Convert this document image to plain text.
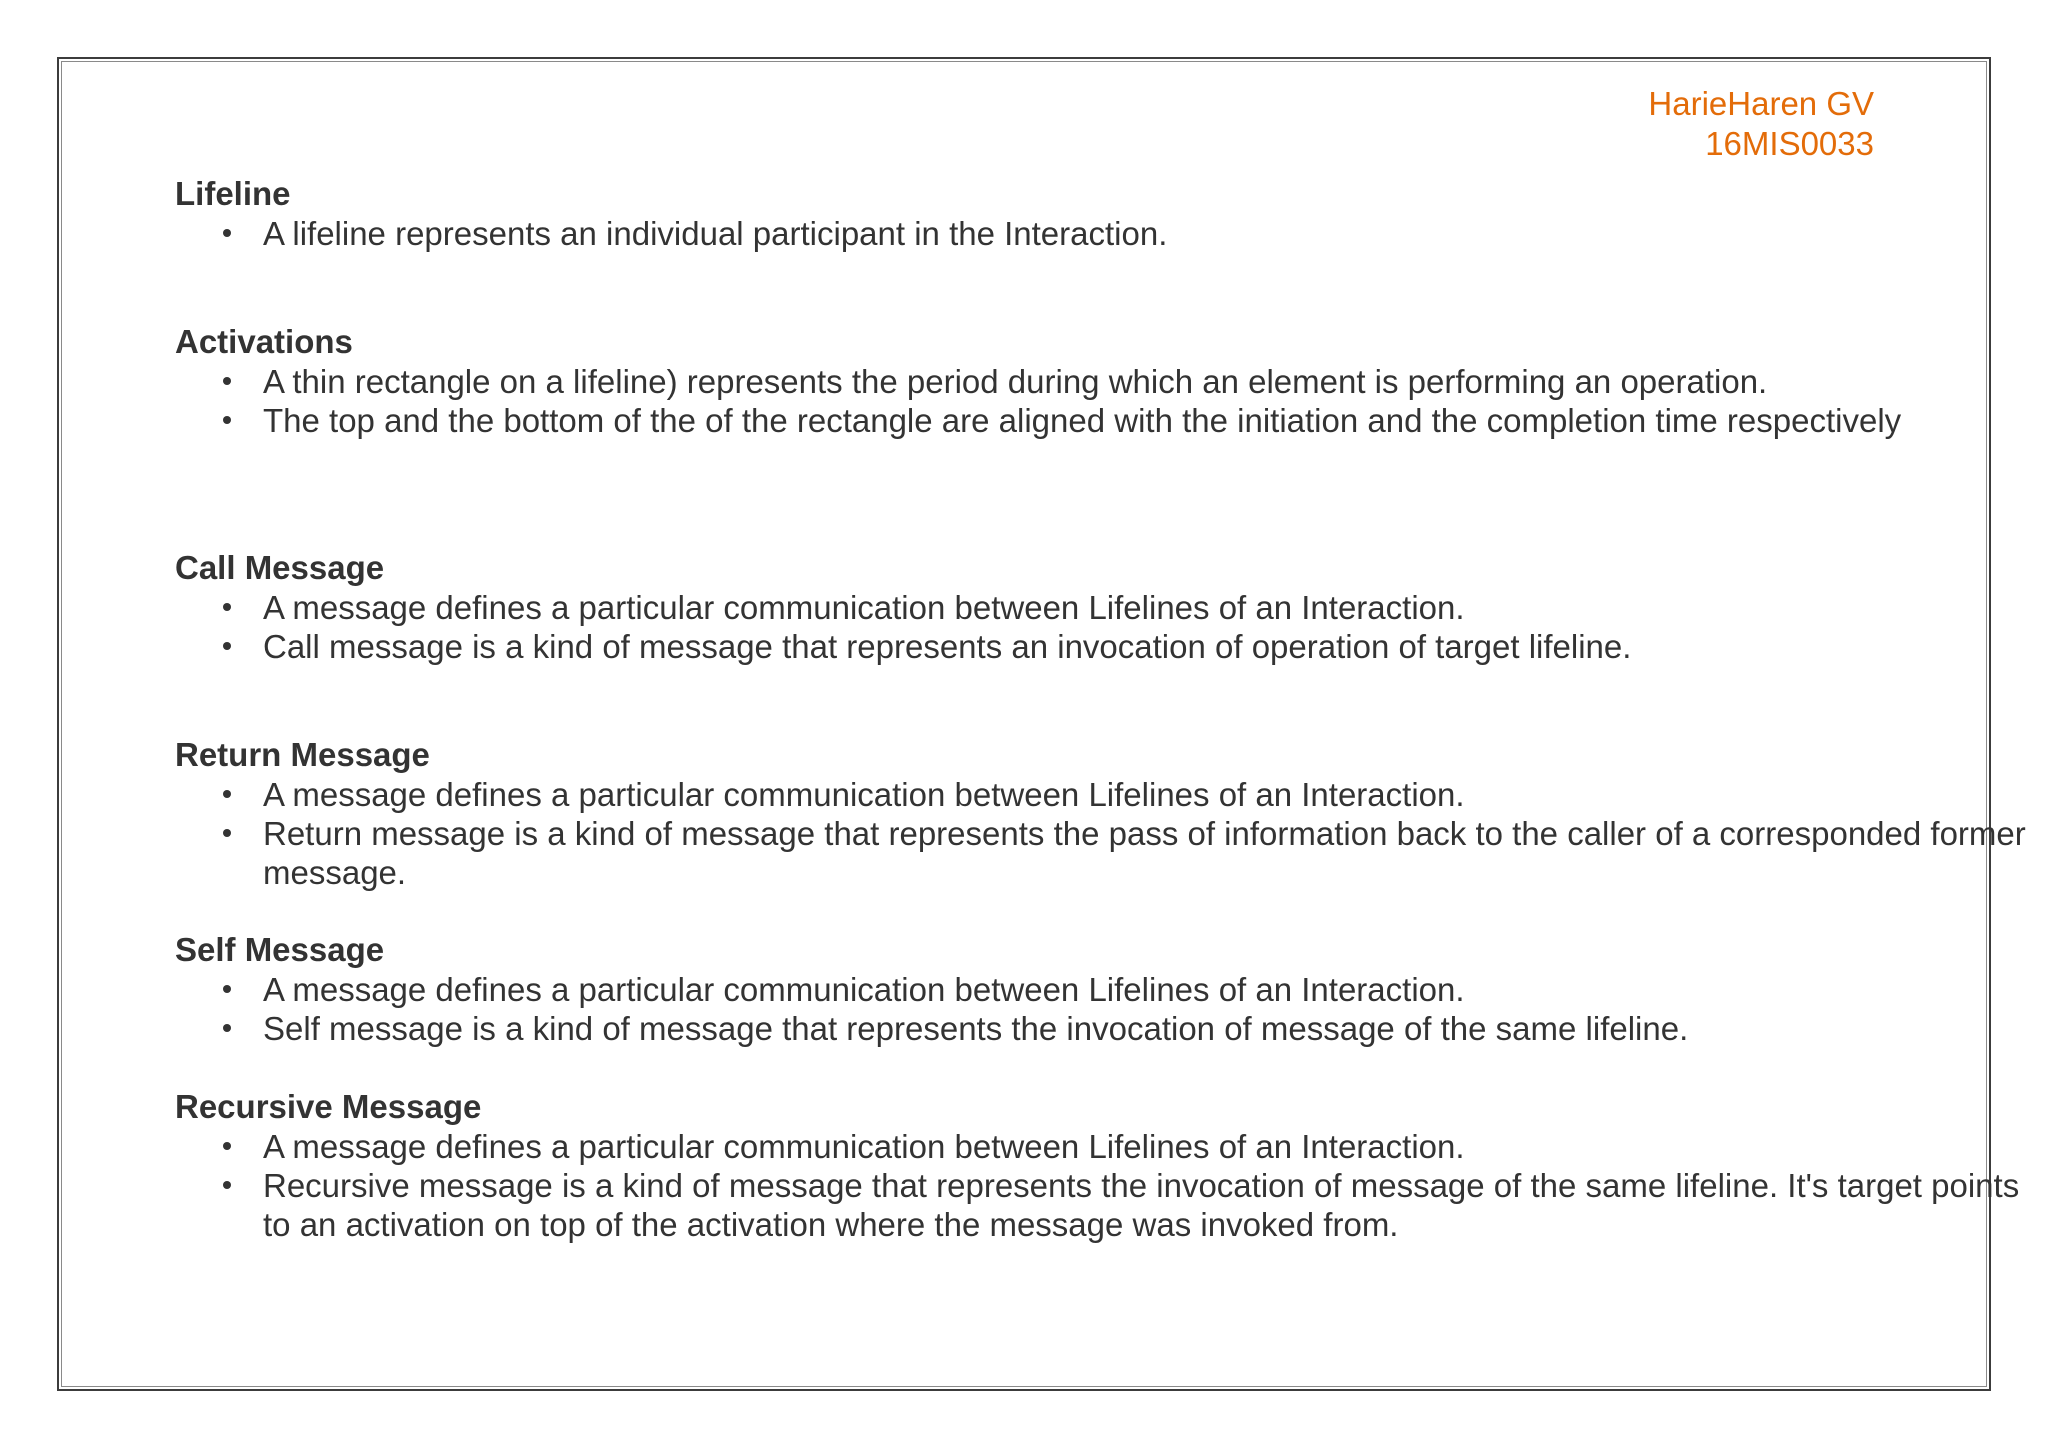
HarieHaren GV
16MIS0033
Lifeline
A lifeline represents an individual participant in the Interaction.
Activations
A thin rectangle on a lifeline) represents the period during which an element is performing an operation.
The top and the bottom of the of the rectangle are aligned with the initiation and the completion time respectively
Call Message
A message defines a particular communication between Lifelines of an Interaction.
Call message is a kind of message that represents an invocation of operation of target lifeline.
Return Message
A message defines a particular communication between Lifelines of an Interaction.
Return message is a kind of message that represents the pass of information back to the caller of a corresponded former message.
Self Message
A message defines a particular communication between Lifelines of an Interaction.
Self message is a kind of message that represents the invocation of message of the same lifeline.
Recursive Message
A message defines a particular communication between Lifelines of an Interaction.
Recursive message is a kind of message that represents the invocation of message of the same lifeline. It's target points to an activation on top of the activation where the message was invoked from.
